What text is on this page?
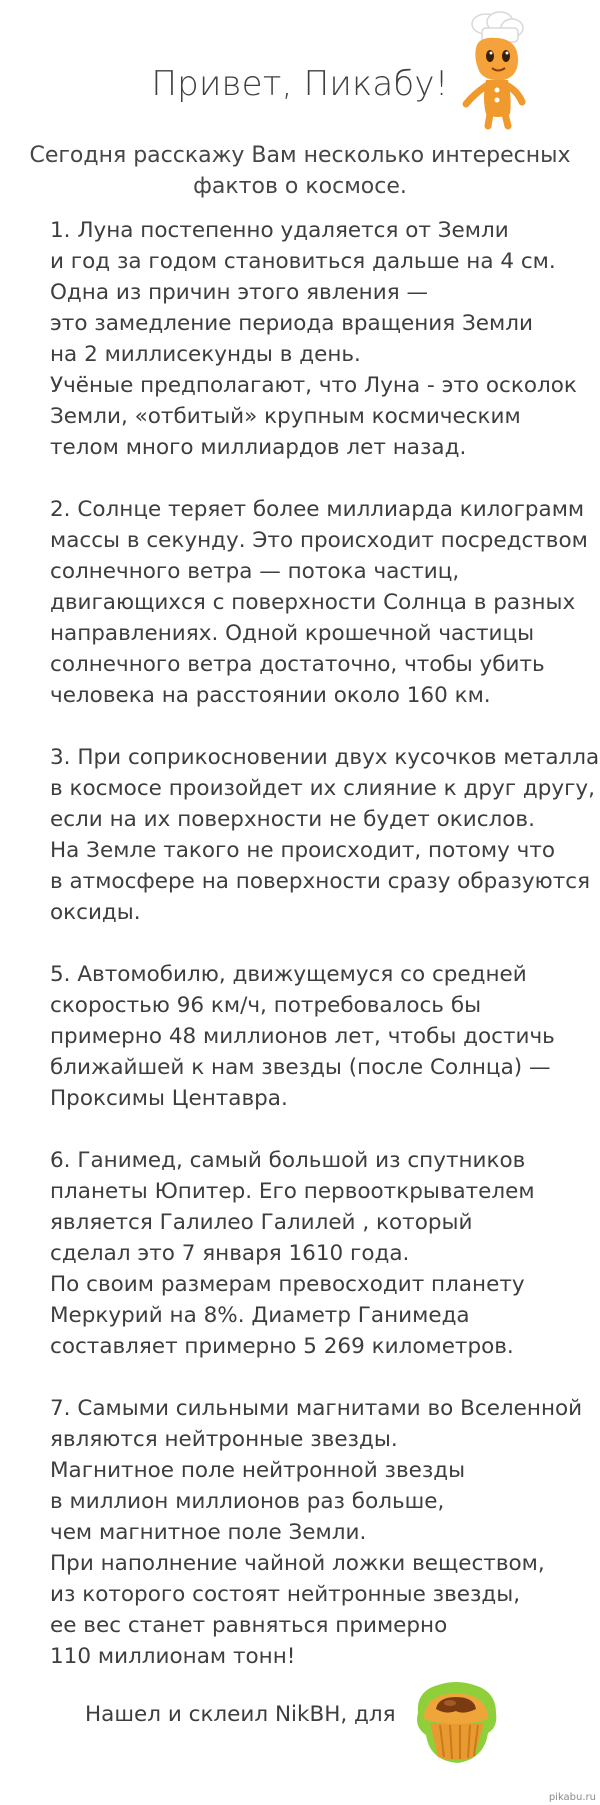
Привет, Пикабу!
Сегодня расскажу Вам несколько интересных
фактов о космосе.
1. Луна постепенно удаляется от Земли
и год за годом становиться дальше на 4 см.
Одна из причин этого явления —
это замедление периода вращения Земли
на 2 миллисекунды в день.
Учёные предполагают, что Луна - это осколок
Земли, «отбитый» крупным космическим
телом много миллиардов лет назад.
2. Солнце теряет более миллиарда килограмм
массы в секунду. Это происходит посредством
солнечного ветра — потока частиц,
двигающихся с поверхности Солнца в разных
направлениях. Одной крошечной частицы
солнечного ветра достаточно, чтобы убить
человека на расстоянии около 160 км.
3. При соприкосновении двух кусочков металла
в космосе произойдет их слияние к друг другу,
если на их поверхности не будет окислов.
На Земле такого не происходит, потому что
в атмосфере на поверхности сразу образуются
оксиды.
5. Автомобилю, движущемуся со средней
скоростью 96 км/ч, потребовалось бы
примерно 48 миллионов лет, чтобы достичь
ближайшей к нам звезды (после Солнца) —
Проксимы Центавра.
6. Ганимед, самый большой из спутников
планеты Юпитер. Его первооткрывателем
является Галилео Галилей , который
сделал это 7 января 1610 года.
По своим размерам превосходит планету
Меркурий на 8%. Диаметр Ганимеда
составляет примерно 5 269 километров.
7. Самыми сильными магнитами во Вселенной
являются нейтронные звезды.
Магнитное поле нейтронной звезды
в миллион миллионов раз больше,
чем магнитное поле Земли.
При наполнение чайной ложки веществом,
из которого состоят нейтронные звезды,
ее вес станет равняться примерно
110 миллионам тонн!
Нашел и склеил NikBH, для
pikabu.ru
